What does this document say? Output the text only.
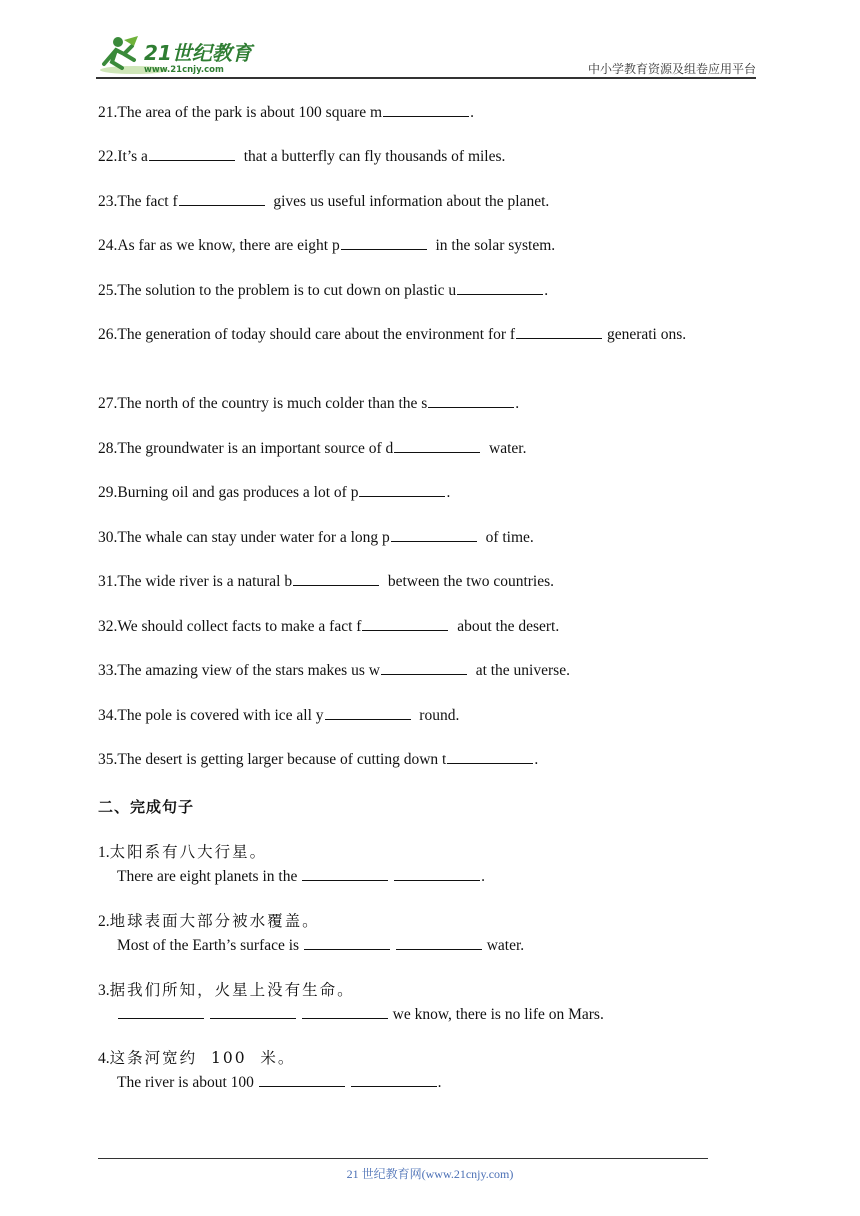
21世纪教育
www.21cnjy.com	中小学教育资源及组卷应用平台
21.The area of the park is about 100 square m	.
22.It’s a	that a butterfly can fly thousands of miles.
23.The fact f	gives us useful information about the planet.
24.As far as we know, there are eight p	in the solar system.
25.The solution to the problem is to cut down on plastic u	.
26.The generation of today should care about the environment for f	generati ons.
27.The north of the country is much colder than the s	.
28.The groundwater is an important source of d	water.
29.Burning oil and gas produces a lot of p	.
30.The whale can stay under water for a long p	of time.
31.The wide river is a natural b	between the two countries.
32.We should collect facts to make a fact f	about the desert.
33.The amazing view of the stars makes us w	at the universe.
34.The pole is covered with ice all y	round.
35.The desert is getting larger because of cutting down t	.
二、完成句子
1.太阳系有八大行星。
There are eight planets in the	.
2.地球表面大部分被水覆盖。
Most of the Earth’s surface is	water.
3.据我们所知，火星上没有生命。
we know, there is no life on Mars.
4.这条河宽约  100  米。
The river is about 100	.
21 世纪教育网(www.21cnjy.com)
